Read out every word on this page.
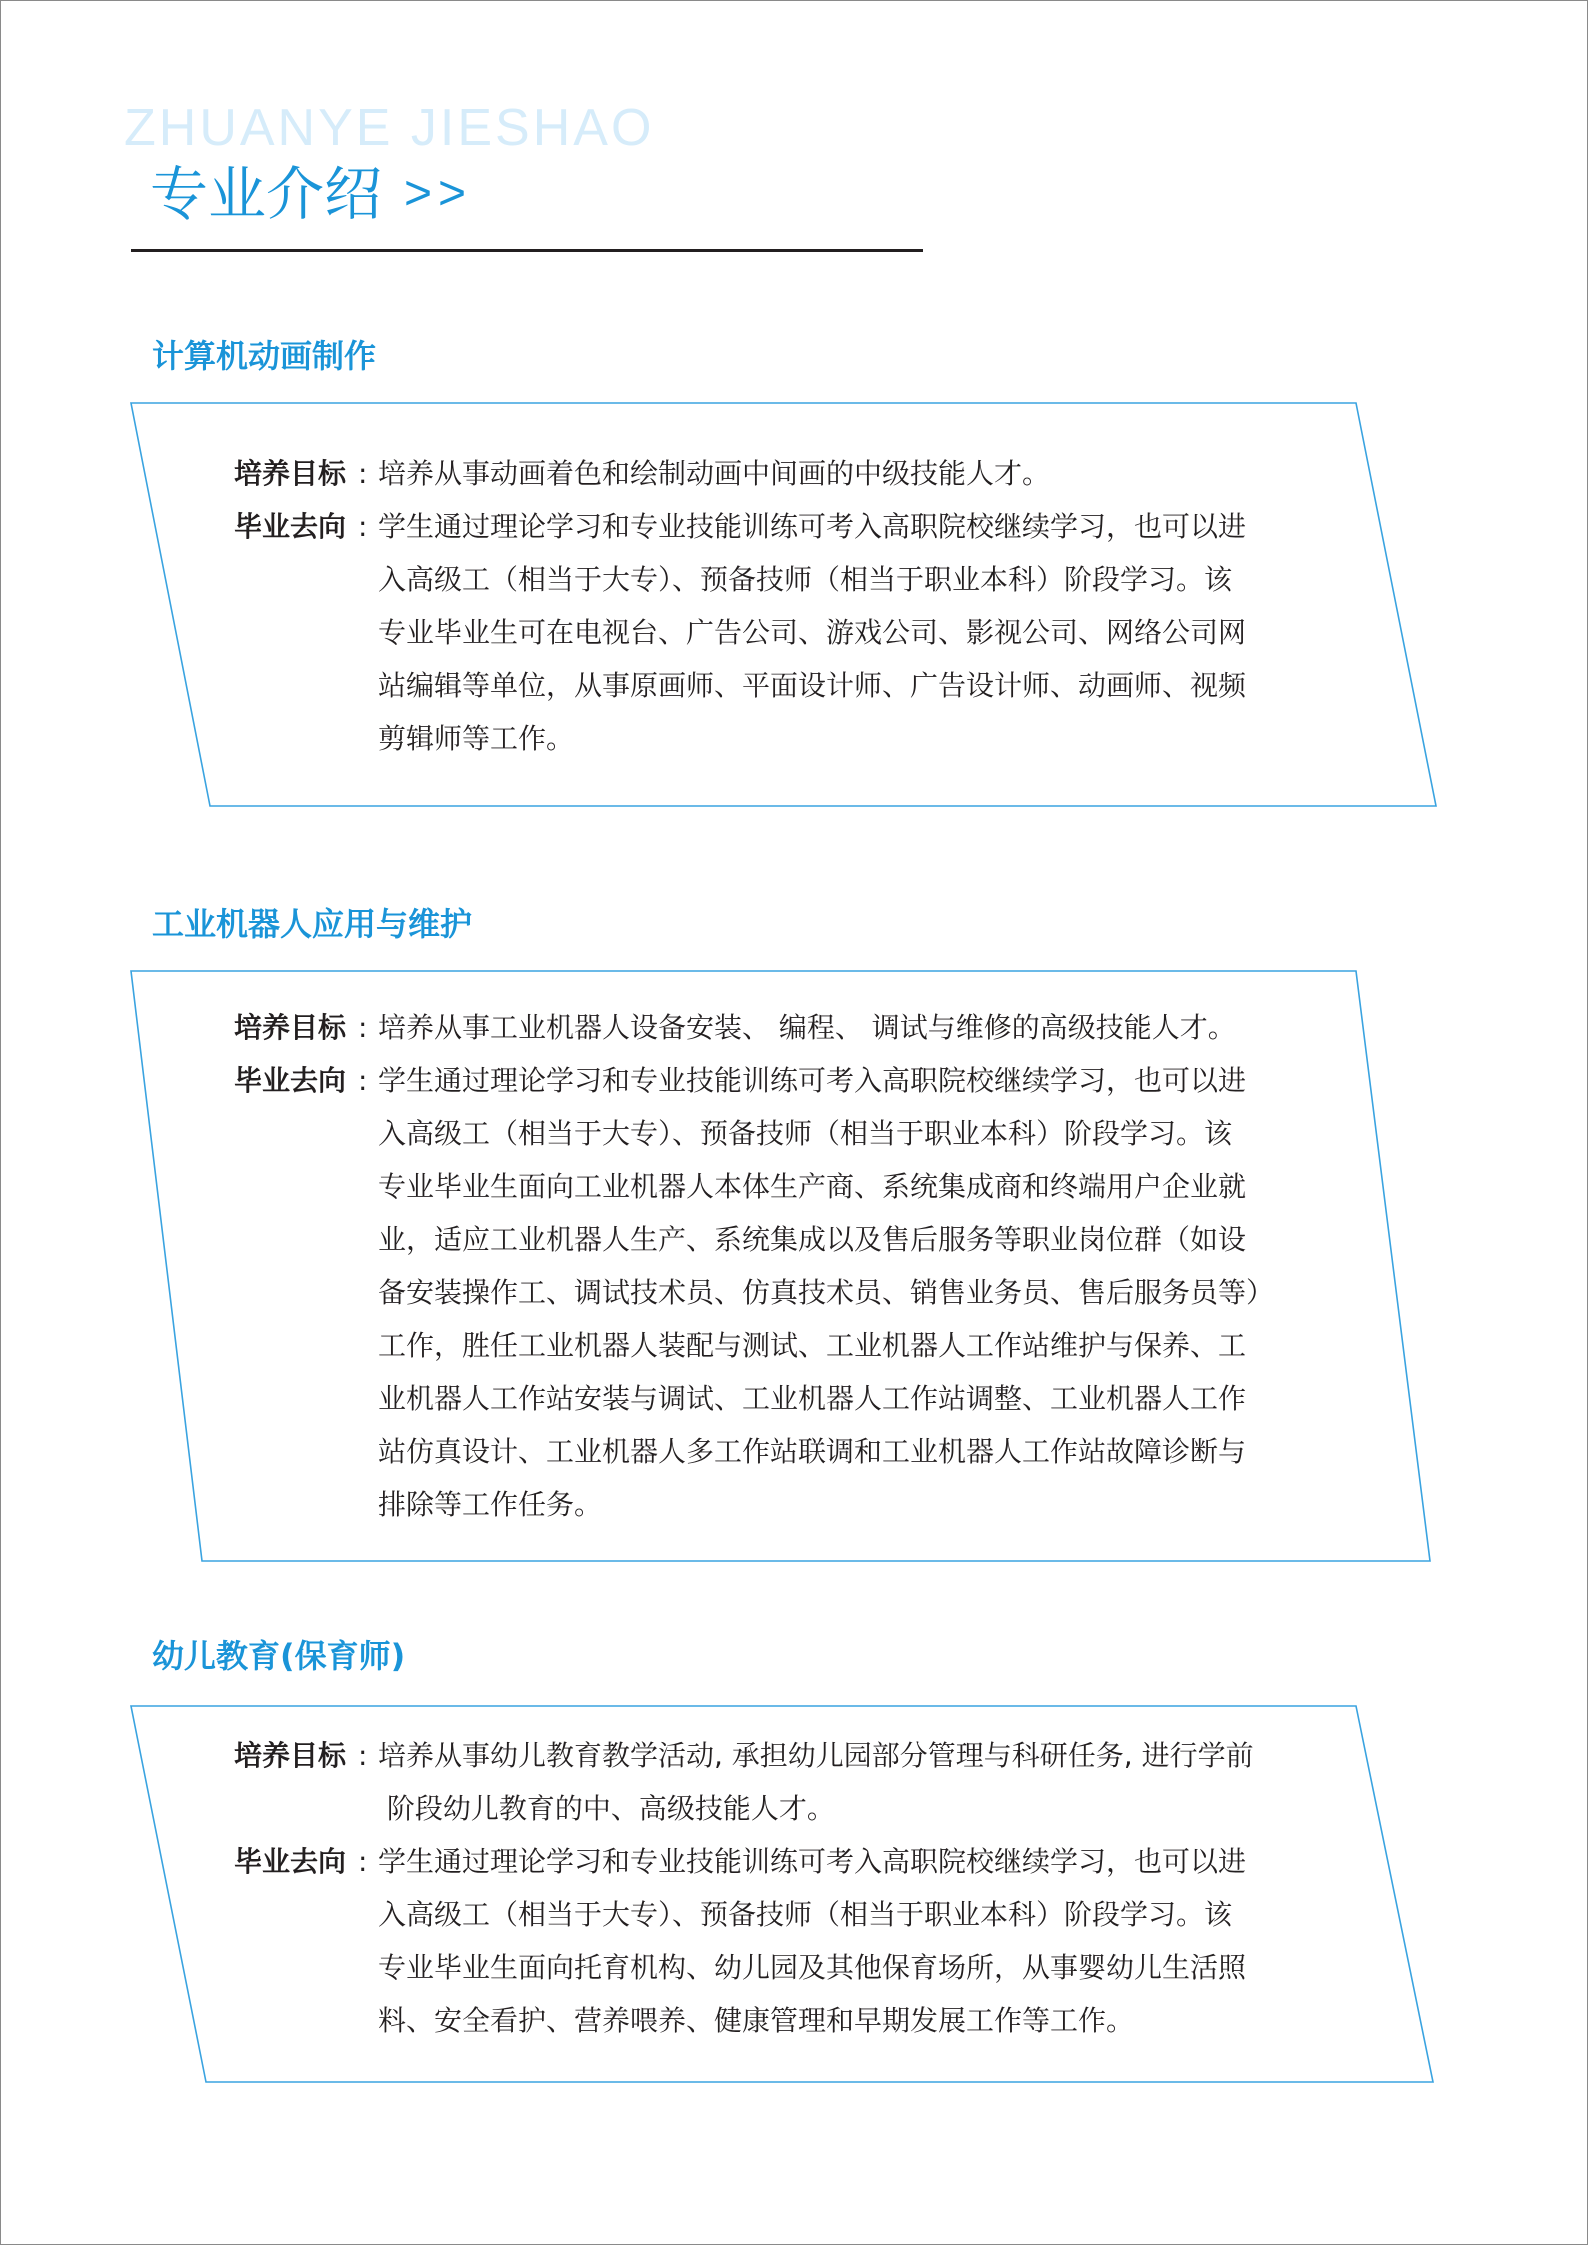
ZHUANYE JIESHAO
专业介绍 >>
计算机动画制作
培养目标 : 培养从事动画着色和绘制动画中间画的中级技能人才。
毕业去向 : 学生通过理论学习和专业技能训练可考入高职院校继续学习，也可以进
入高级工（相当于大专）、预备技师（相当于职业本科）阶段学习。该
专业毕业生可在电视台、广告公司、游戏公司、影视公司、网络公司网
站编辑等单位，从事原画师、平面设计师、广告设计师、动画师、视频
剪辑师等工作。
工业机器人应用与维护
培养目标 : 培养从事工业机器人设备安装、 编程、 调试与维修的高级技能人才。
毕业去向 : 学生通过理论学习和专业技能训练可考入高职院校继续学习，也可以进
入高级工（相当于大专）、预备技师（相当于职业本科）阶段学习。该
专业毕业生面向工业机器人本体生产商、系统集成商和终端用户企业就
业，适应工业机器人生产、系统集成以及售后服务等职业岗位群（如设
备安装操作工、调试技术员、仿真技术员、销售业务员、售后服务员等）
工作，胜任工业机器人装配与测试、工业机器人工作站维护与保养、工
业机器人工作站安装与调试、工业机器人工作站调整、工业机器人工作
站仿真设计、工业机器人多工作站联调和工业机器人工作站故障诊断与
排除等工作任务。
幼儿教育(保育师)
培养目标 : 培养从事幼儿教育教学活动, 承担幼儿园部分管理与科研任务, 进行学前
阶段幼儿教育的中、高级技能人才。
毕业去向 : 学生通过理论学习和专业技能训练可考入高职院校继续学习，也可以进
入高级工（相当于大专）、预备技师（相当于职业本科）阶段学习。该
专业毕业生面向托育机构、幼儿园及其他保育场所，从事婴幼儿生活照
料、安全看护、营养喂养、健康管理和早期发展工作等工作。
